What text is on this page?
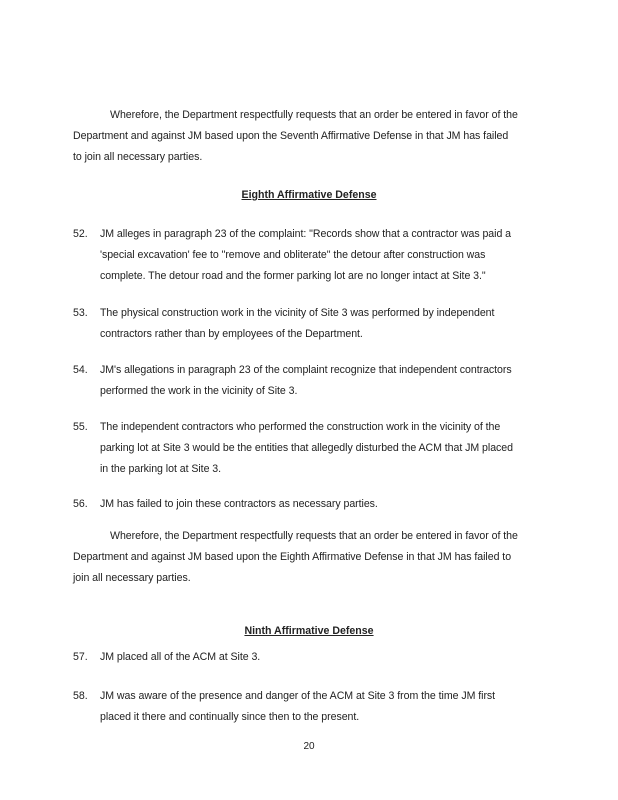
Wherefore, the Department respectfully requests that an order be entered in favor of the
Department and against JM based upon the Seventh Affirmative Defense in that JM has failed
to join all necessary parties.
Eighth Affirmative Defense
52. JM alleges in paragraph 23 of the complaint: "Records show that a contractor was paid a
'special excavation' fee to "remove and obliterate" the detour after construction was
complete. The detour road and the former parking lot are no longer intact at Site 3."
53. The physical construction work in the vicinity of Site 3 was performed by independent
contractors rather than by employees of the Department.
54. JM's allegations in paragraph 23 of the complaint recognize that independent contractors
performed the work in the vicinity of Site 3.
55. The independent contractors who performed the construction work in the vicinity of the
parking lot at Site 3 would be the entities that allegedly disturbed the ACM that JM placed
in the parking lot at Site 3.
56. JM has failed to join these contractors as necessary parties.
Wherefore, the Department respectfully requests that an order be entered in favor of the
Department and against JM based upon the Eighth Affirmative Defense in that JM has failed to
join all necessary parties.
Ninth Affirmative Defense
57. JM placed all of the ACM at Site 3.
58. JM was aware of the presence and danger of the ACM at Site 3 from the time JM first
placed it there and continually since then to the present.
20
